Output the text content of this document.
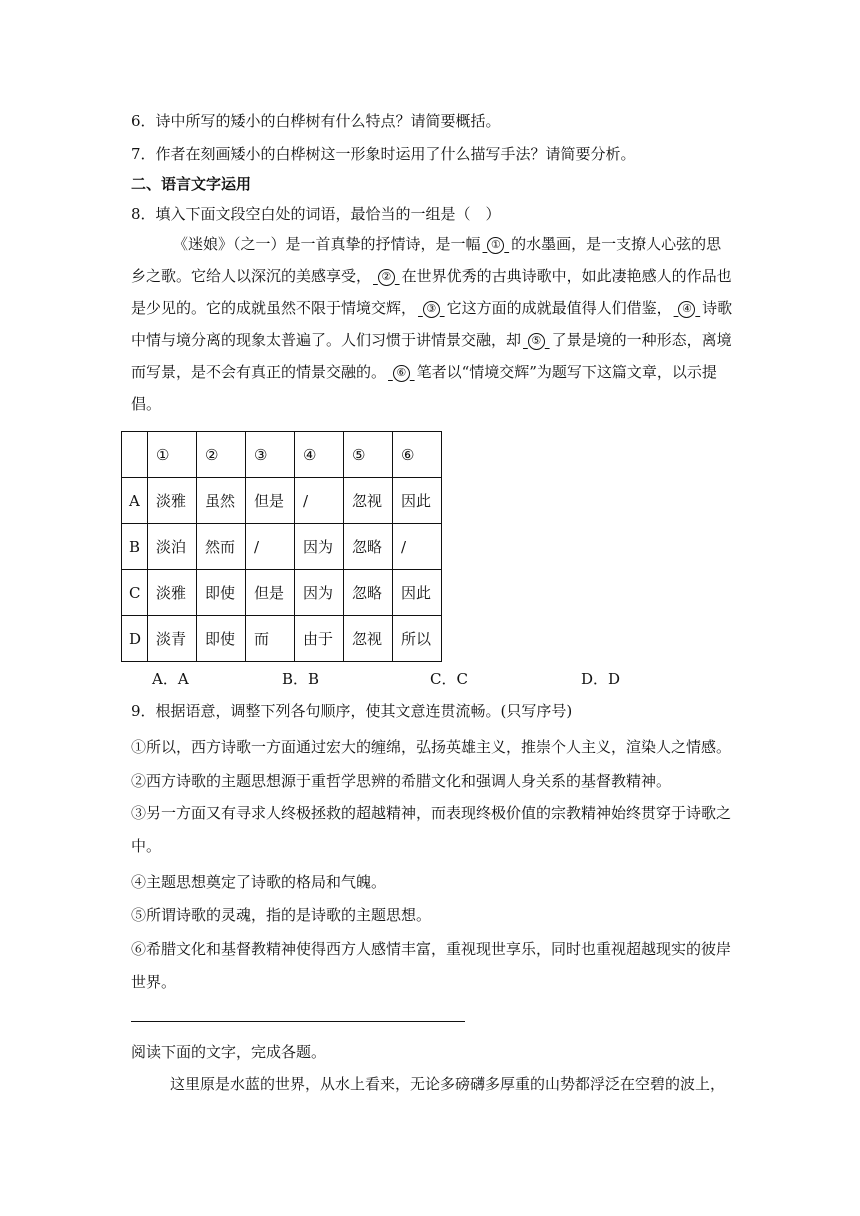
6．诗中所写的矮小的白桦树有什么特点？请简要概括。
7．作者在刻画矮小的白桦树这一形象时运用了什么描写手法？请简要分析。
二、语言文字运用
8．填入下面文段空白处的词语，最恰当的一组是（　）
《迷娘》（之一）是一首真挚的抒情诗，是一幅 ① 的水墨画，是一支撩人心弦的思
乡之歌。它给人以深沉的美感享受， ② 在世界优秀的古典诗歌中，如此凄艳感人的作品也
是少见的。它的成就虽然不限于情境交辉， ③ 它这方面的成就最值得人们借鉴， ④ 诗歌
中情与境分离的现象太普遍了。人们习惯于讲情景交融，却 ⑤ 了景是境的一种形态，离境
而写景，是不会有真正的情景交融的。 ⑥ 笔者以“情境交辉”为题写下这篇文章，以示提
倡。
	①	②	③	④	⑤	⑥
A	淡雅	虽然	但是	/	忽视	因此
B	淡泊	然而	/	因为	忽略	/
C	淡雅	即使	但是	因为	忽略	因此
D	淡青	即使	而	由于	忽视	所以
A．A	B．B	C．C	D．D
9．根据语意，调整下列各句顺序，使其文意连贯流畅。(只写序号)
①所以，西方诗歌一方面通过宏大的缠绵，弘扬英雄主义，推崇个人主义，渲染人之情感。
②西方诗歌的主题思想源于重哲学思辨的希腊文化和强调人身关系的基督教精神。
③另一方面又有寻求人终极拯救的超越精神，而表现终极价值的宗教精神始终贯穿于诗歌之
中。
④主题思想奠定了诗歌的格局和气魄。
⑤所谓诗歌的灵魂，指的是诗歌的主题思想。
⑥希腊文化和基督教精神使得西方人感情丰富，重视现世享乐，同时也重视超越现实的彼岸
世界。
阅读下面的文字，完成各题。
这里原是水蓝的世界，从水上看来，无论多磅礴多厚重的山势都浮泛在空碧的波上，
